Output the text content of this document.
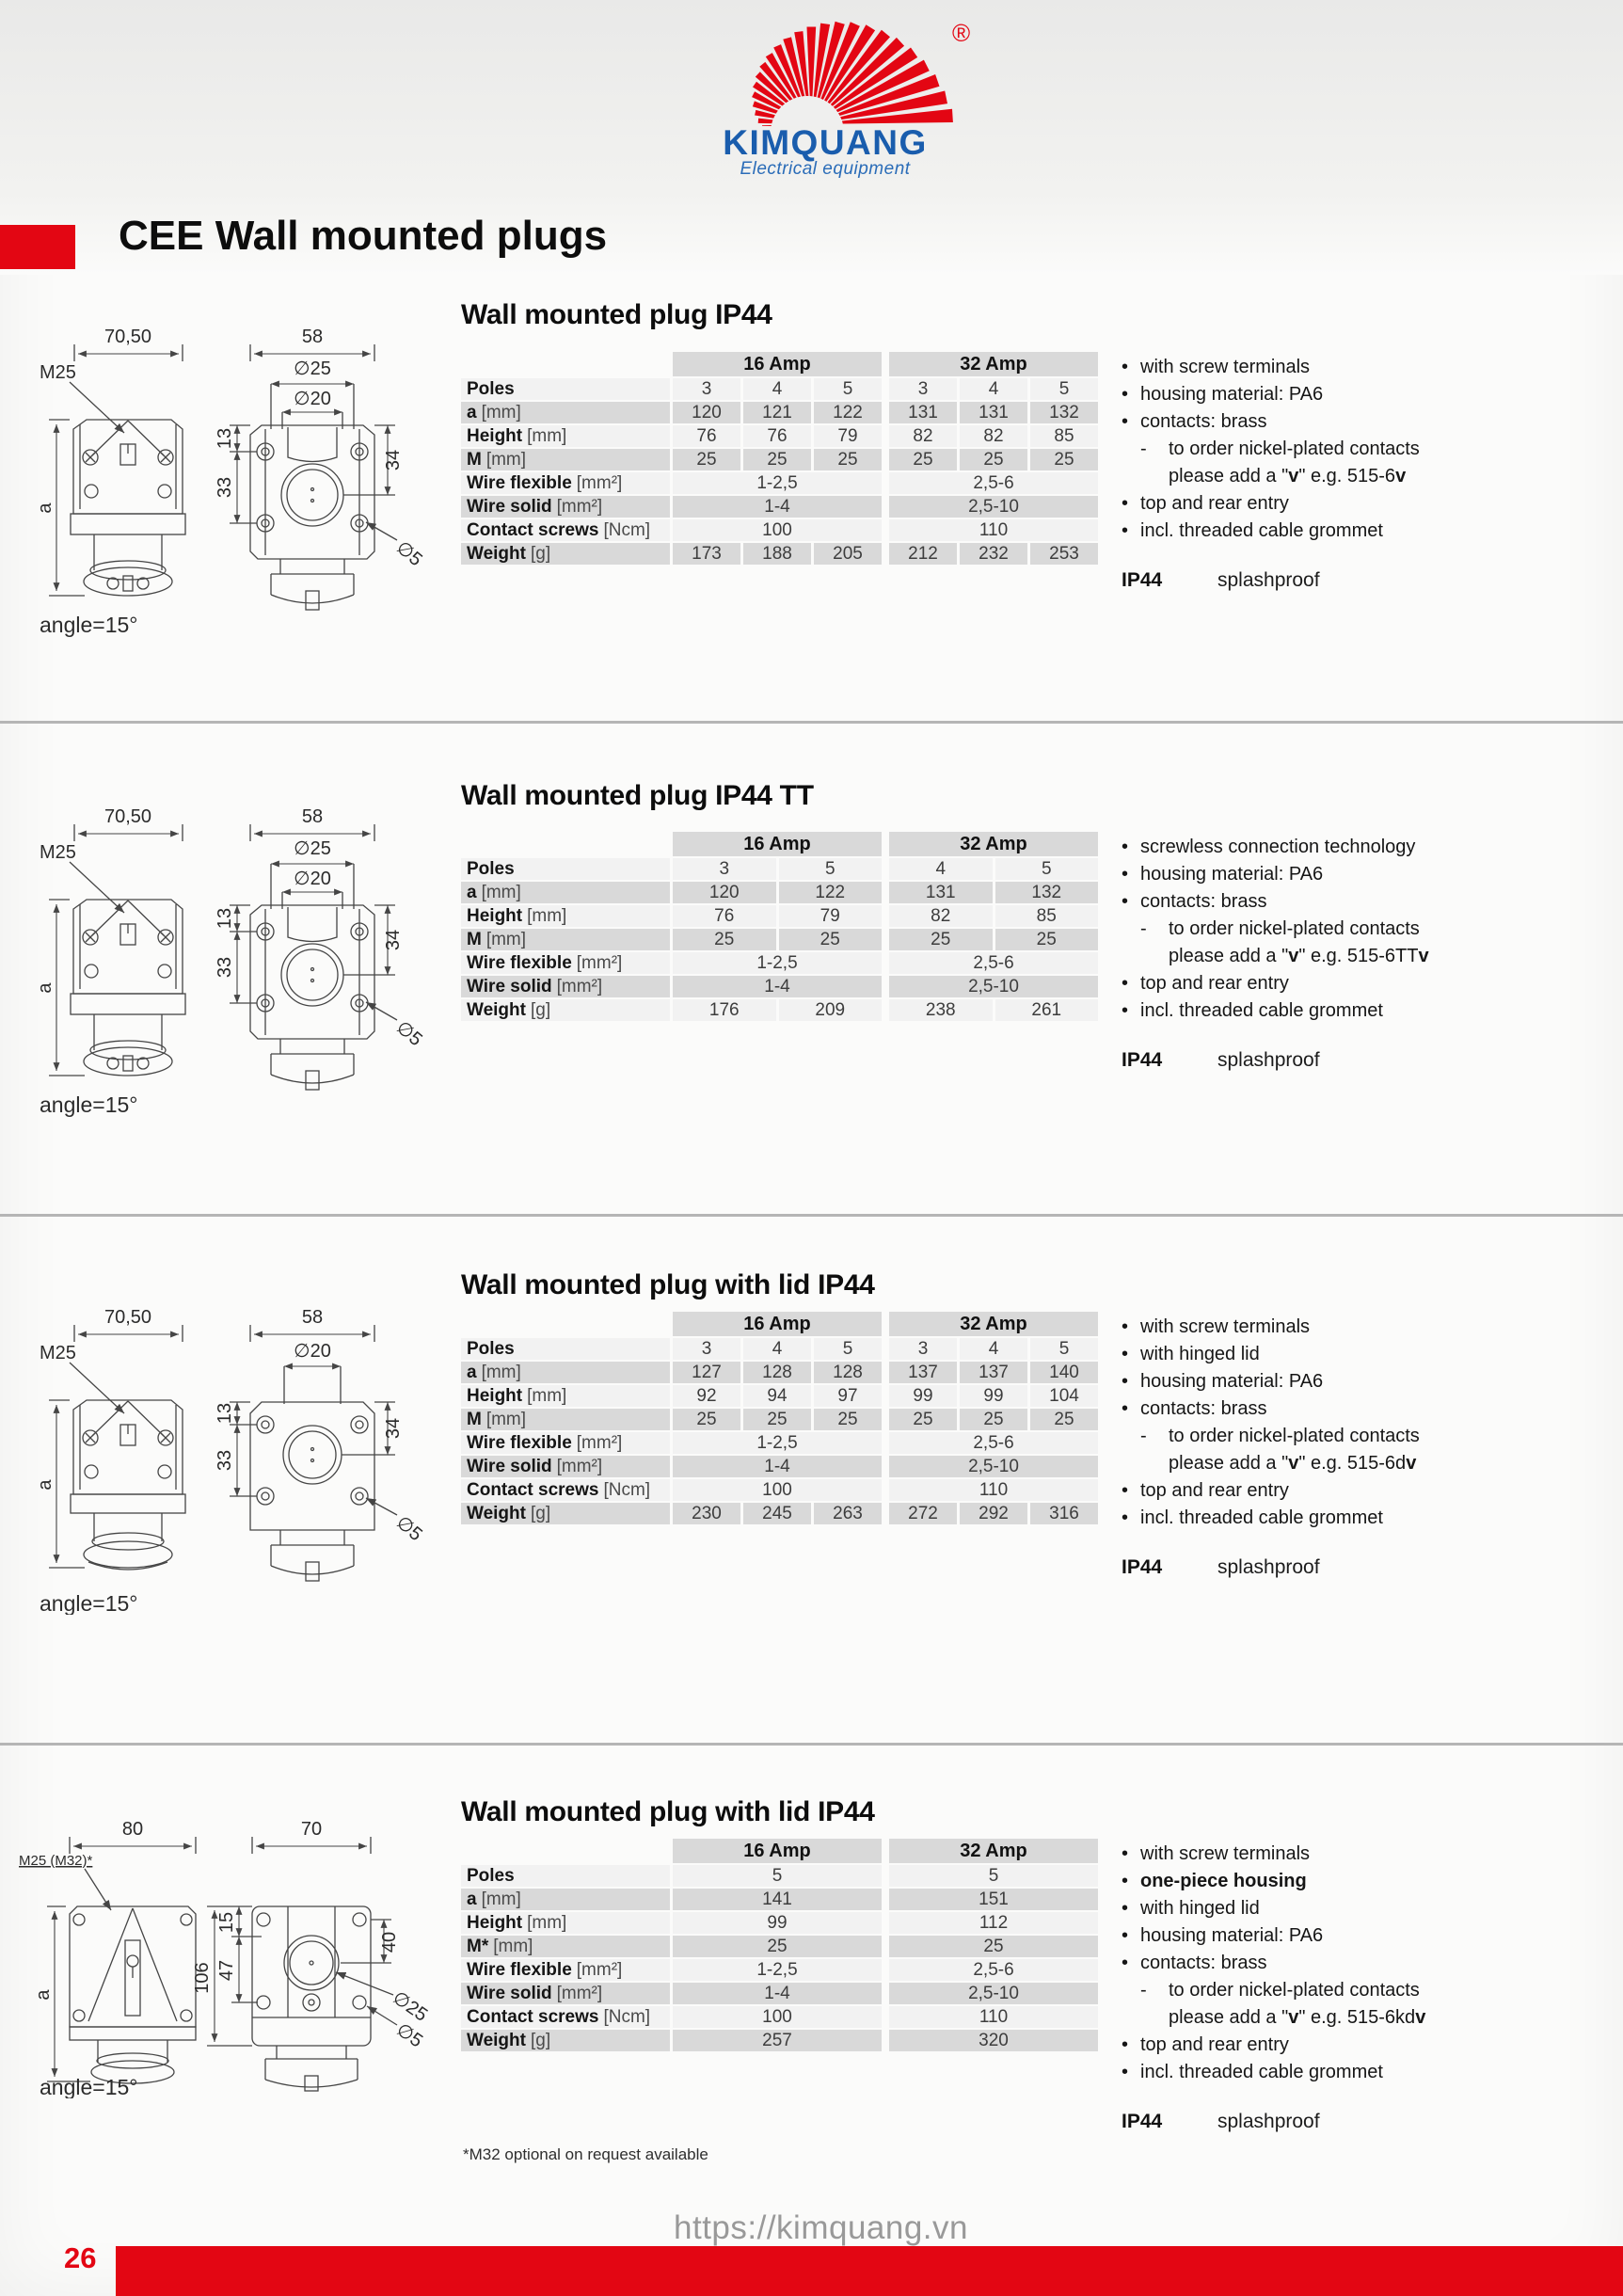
®
KIMQUANG
Electrical equipment
CEE Wall mounted plugs
Wall mounted plug IP44
16 Amp	32 Amp
Poles	3	4	5	3	4	5
a [mm]	120	121	122	131	131	132
Height [mm]	76	76	79	82	82	85
M [mm]	25	25	25	25	25	25
Wire flexible [mm²]	1-2,5	2,5-6
Wire solid [mm²]	1-4	2,5-10
Contact screws [Ncm]	100	110
Weight [g]	173	188	205	212	232	253
• with screw terminals
• housing material: PA6
• contacts: brass
-	to order nickel-plated contacts
please add a "v" e.g. 515-6v
• top and rear entry
• incl. threaded cable grommet
IP44	splashproof
70,50
M25
a
58
∅25
∅20
13
33
34
∅5
angle=15°
Wall mounted plug IP44 TT
16 Amp	32 Amp
Poles	3	5	4	5
a [mm]	120	122	131	132
Height [mm]	76	79	82	85
M [mm]	25	25	25	25
Wire flexible [mm²]	1-2,5	2,5-6
Wire solid [mm²]	1-4	2,5-10
Weight [g]	176	209	238	261
• screwless connection technology
• housing material: PA6
• contacts: brass
-	to order nickel-plated contacts
please add a "v" e.g. 515-6TTv
• top and rear entry
• incl. threaded cable grommet
IP44	splashproof
70,50
M25
a
58
∅25
∅20
13
33
34
∅5
angle=15°
Wall mounted plug with lid IP44
16 Amp	32 Amp
Poles	3	4	5	3	4	5
a [mm]	127	128	128	137	137	140
Height [mm]	92	94	97	99	99	104
M [mm]	25	25	25	25	25	25
Wire flexible [mm²]	1-2,5	2,5-6
Wire solid [mm²]	1-4	2,5-10
Contact screws [Ncm]	100	110
Weight [g]	230	245	263	272	292	316
• with screw terminals
• with hinged lid
• housing material: PA6
• contacts: brass
-	to order nickel-plated contacts
please add a "v" e.g. 515-6dv
• top and rear entry
• incl. threaded cable grommet
IP44	splashproof
70,50
M25
a
58
∅20
13
33
34
∅5
angle=15°
Wall mounted plug with lid IP44
16 Amp	32 Amp
Poles	5	5
a [mm]	141	151
Height [mm]	99	112
M* [mm]	25	25
Wire flexible [mm²]	1-2,5	2,5-6
Wire solid [mm²]	1-4	2,5-10
Contact screws [Ncm]	100	110
Weight [g]	257	320
• with screw terminals
• one-piece housing
• with hinged lid
• housing material: PA6
• contacts: brass
-	to order nickel-plated contacts
please add a "v" e.g. 515-6kdv
• top and rear entry
• incl. threaded cable grommet
IP44	splashproof
80
M25 (M32)*
a
70
106
15
47
40
∅25
∅5
angle=15°
*M32 optional on request available
https://kimquang.vn
26
